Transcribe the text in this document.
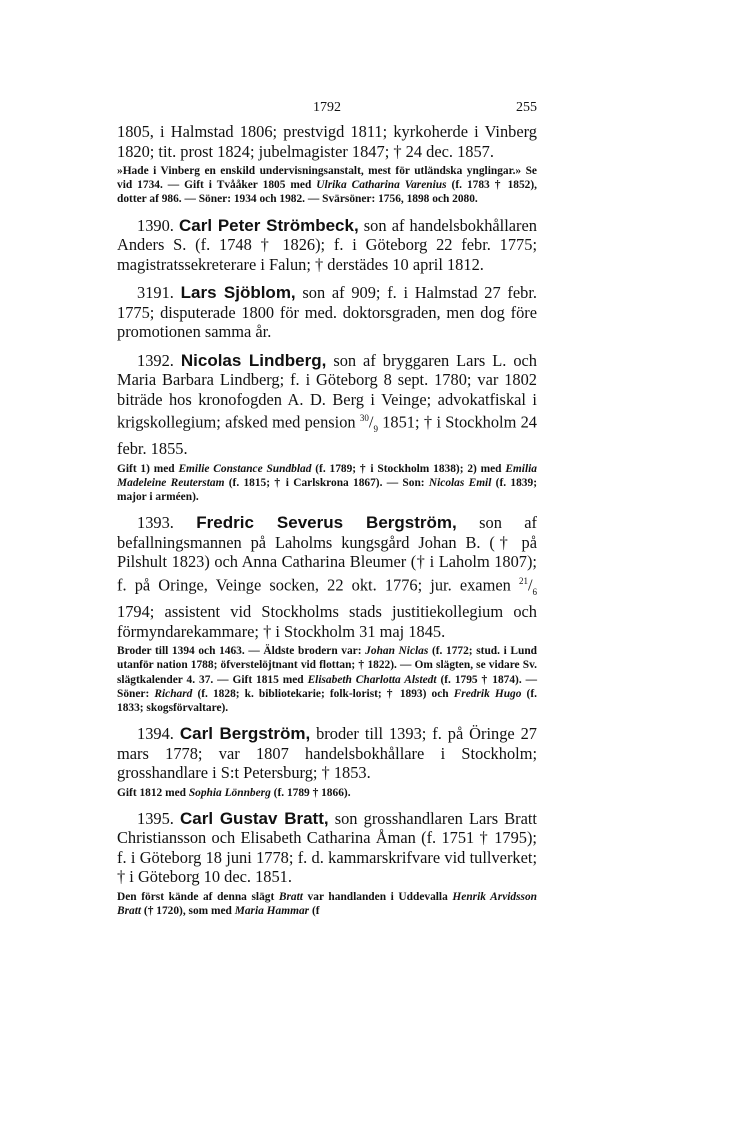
1792	255

1805, i Halmstad 1806; prestvigd 1811; kyrkoherde i Vinberg 1820; tit. prost 1824; jubelmagister 1847; † 24 dec. 1857.

»Hade i Vinberg en enskild undervisningsanstalt, mest för utländska ynglingar.» Se vid 1734. — Gift i Tvååker 1805 med Ulrika Catharina Varenius (f. 1783 † 1852), dotter af 986. — Söner: 1934 och 1982. — Svärsöner: 1756, 1898 och 2080.

1390. Carl Peter Strömbeck, son af handelsbokhållaren Anders S. (f. 1748 † 1826); f. i Göteborg 22 febr. 1775; magistratssekreterare i Falun; † derstädes 10 april 1812.

3191. Lars Sjöblom, son af 909; f. i Halmstad 27 febr. 1775; disputerade 1800 för med. doktorsgraden, men dog före promotionen samma år.

1392. Nicolas Lindberg, son af bryggaren Lars L. och Maria Barbara Lindberg; f. i Göteborg 8 sept. 1780; var 1802 biträde hos kronofogden A. D. Berg i Veinge; advokatfiskal i krigskollegium; afsked med pension $^{30}/_9$ 1851; † i Stockholm 24 febr. 1855.

Gift 1) med Emilie Constance Sundblad (f. 1789; † i Stockholm 1838); 2) med Emilia Madeleine Reuterstam (f. 1815; † i Carlskrona 1867). — Son: Nicolas Emil (f. 1839; major i arméen).

1393. Fredric Severus Bergström, son af befallningsmannen på Laholms kungsgård Johan B. († på Pilshult 1823) och Anna Catharina Bleumer († i Laholm 1807); f. på Oringe, Veinge socken, 22 okt. 1776; jur. examen $^{21}/_6$ 1794; assistent vid Stockholms stads justitiekollegium och förmyndarekammare; † i Stockholm 31 maj 1845.

Broder till 1394 och 1463. — Äldste brodern var: Johan Niclas (f. 1772; stud. i Lund utanför nation 1788; öfverstelöjtnant vid flottan; † 1822). — Om slägten, se vidare Sv. slägtkalender 4. 37. — Gift 1815 med Elisabeth Charlotta Alstedt (f. 1795 † 1874). — Söner: Richard (f. 1828; k. bibliotekarie; folk-lorist; † 1893) och Fredrik Hugo (f. 1833; skogsförvaltare).

1394. Carl Bergström, broder till 1393; f. på Öringe 27 mars 1778; var 1807 handelsbokhållare i Stockholm; grosshandlare i S:t Petersburg; † 1853.

Gift 1812 med Sophia Lönnberg (f. 1789 † 1866).

1395. Carl Gustav Bratt, son grosshandlaren Lars Bratt Christiansson och Elisabeth Catharina Åman (f. 1751 † 1795); f. i Göteborg 18 juni 1778; f. d. kammarskrifvare vid tullverket; † i Göteborg 10 dec. 1851.

Den först kände af denna slägt Bratt var handlanden i Uddevalla Henrik Arvidsson Bratt († 1720), som med Maria Hammar (f
